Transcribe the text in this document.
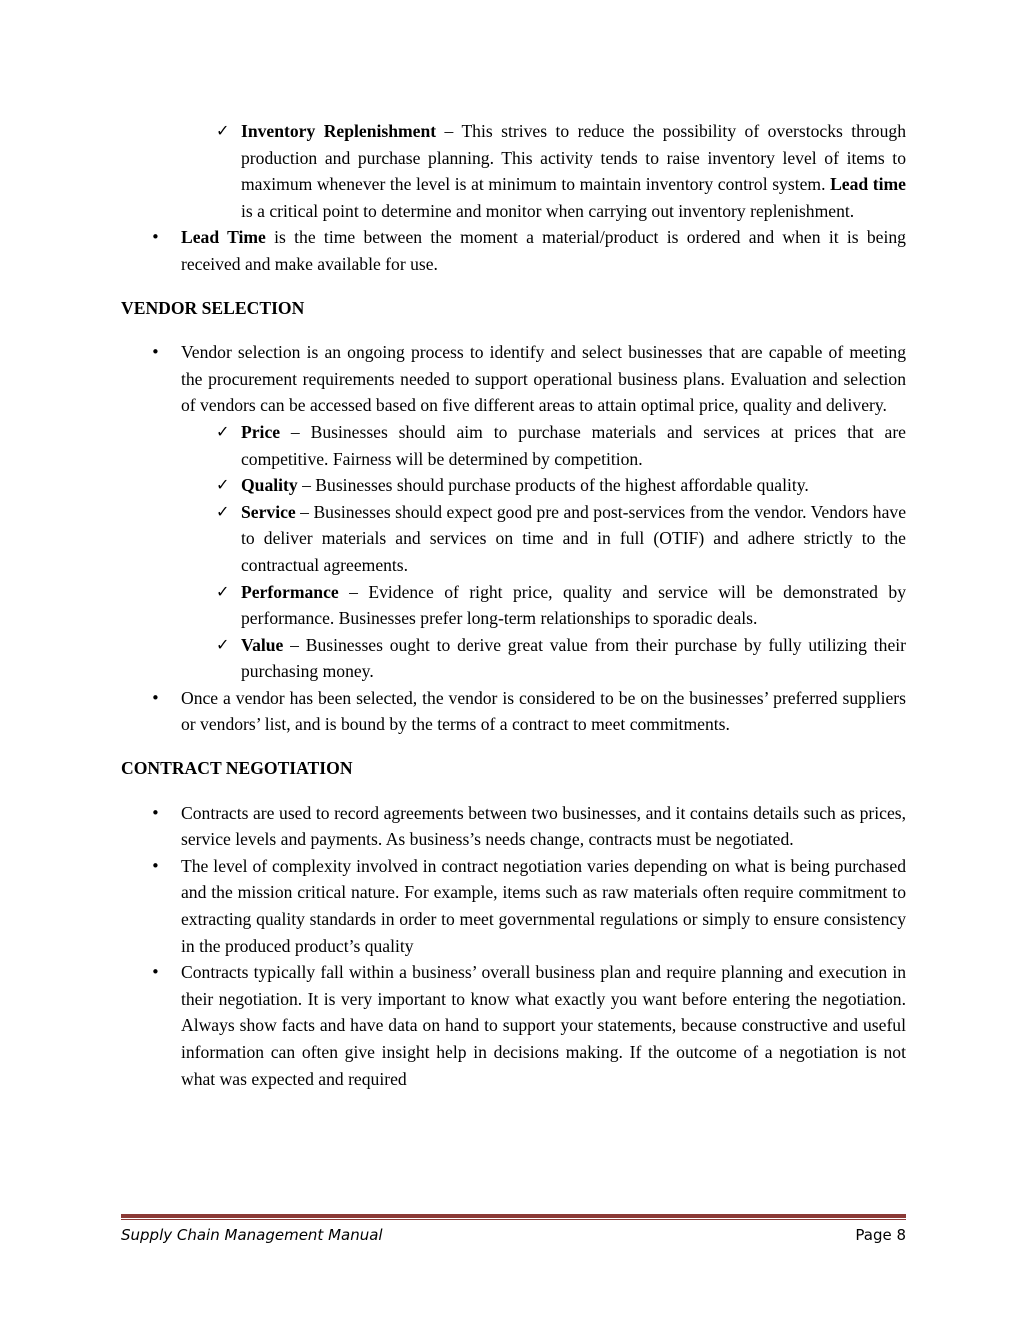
✓ Inventory Replenishment – This strives to reduce the possibility of overstocks through production and purchase planning. This activity tends to raise inventory level of items to maximum whenever the level is at minimum to maintain inventory control system. Lead time is a critical point to determine and monitor when carrying out inventory replenishment.
• Lead Time is the time between the moment a material/product is ordered and when it is being received and make available for use.
VENDOR SELECTION
• Vendor selection is an ongoing process to identify and select businesses that are capable of meeting the procurement requirements needed to support operational business plans. Evaluation and selection of vendors can be accessed based on five different areas to attain optimal price, quality and delivery.
✓ Price – Businesses should aim to purchase materials and services at prices that are competitive. Fairness will be determined by competition.
✓ Quality – Businesses should purchase products of the highest affordable quality.
✓ Service – Businesses should expect good pre and post-services from the vendor. Vendors have to deliver materials and services on time and in full (OTIF) and adhere strictly to the contractual agreements.
✓ Performance – Evidence of right price, quality and service will be demonstrated by performance. Businesses prefer long-term relationships to sporadic deals.
✓ Value – Businesses ought to derive great value from their purchase by fully utilizing their purchasing money.
• Once a vendor has been selected, the vendor is considered to be on the businesses’ preferred suppliers or vendors’ list, and is bound by the terms of a contract to meet commitments.
CONTRACT NEGOTIATION
• Contracts are used to record agreements between two businesses, and it contains details such as prices, service levels and payments. As business’s needs change, contracts must be negotiated.
• The level of complexity involved in contract negotiation varies depending on what is being purchased and the mission critical nature. For example, items such as raw materials often require commitment to extracting quality standards in order to meet governmental regulations or simply to ensure consistency in the produced product’s quality
• Contracts typically fall within a business’ overall business plan and require planning and execution in their negotiation. It is very important to know what exactly you want before entering the negotiation. Always show facts and have data on hand to support your statements, because constructive and useful information can often give insight help in decisions making. If the outcome of a negotiation is not what was expected and required
Supply Chain Management Manual	Page 8
